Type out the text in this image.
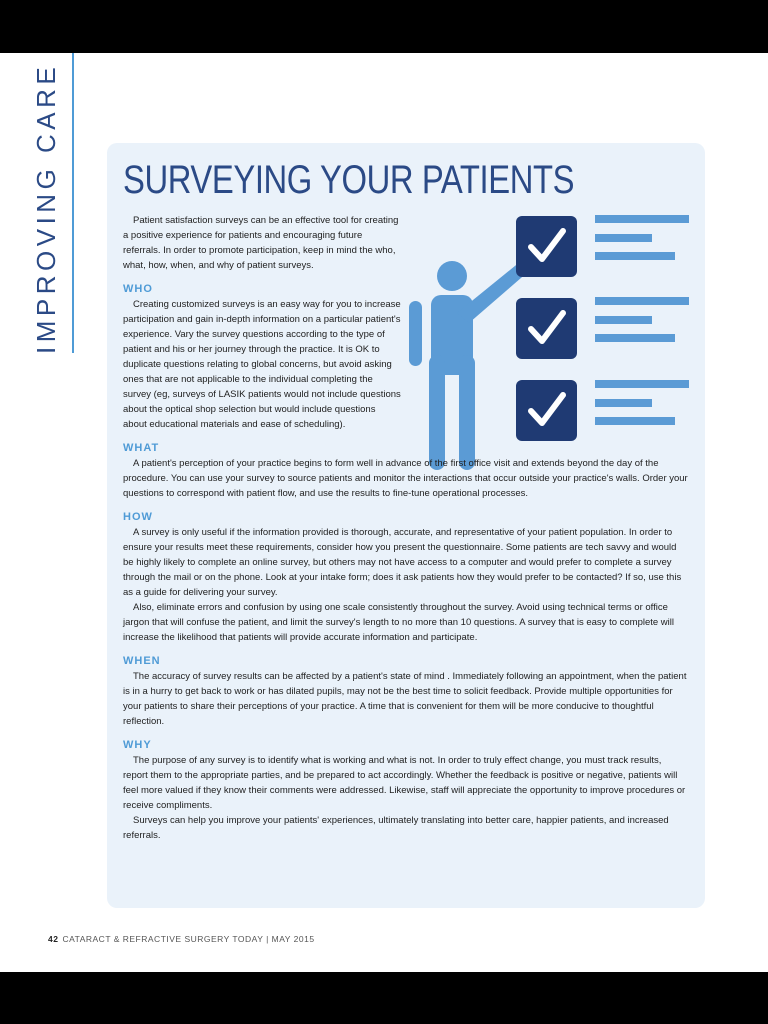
IMPROVING CARE SURVEYING YOUR PATIENTS

Patient satisfaction surveys can be an effective tool for creating a positive experience for patients and encouraging future referrals. In order to promote participation, keep in mind the who, what, how, when, and why of patient surveys.

WHO

Creating customized surveys is an easy way for you to increase participation and gain in-depth information on a particular patient's experience. Vary the survey questions according to the type of patient and his or her journey through the practice. It is OK to duplicate questions relating to global concerns, but avoid asking ones that are not applicable to the individual completing the survey (eg, surveys of LASIK patients would not include questions about the optical shop selection but would include questions about educational materials and ease of scheduling).

WHAT

A patient's perception of your practice begins to form well in advance of the first office visit and extends beyond the day of the procedure. You can use your survey to source patients and monitor the interactions that occur outside your practice's walls. Order your questions to correspond with patient flow, and use the results to fine-tune operational processes.

HOW

A survey is only useful if the information provided is thorough, accurate, and representative of your patient population. In order to ensure your results meet these requirements, consider how you present the questionnaire. Some patients are tech savvy and would be highly likely to complete an online survey, but others may not have access to a computer and would prefer to complete a survey through the mail or on the phone. Look at your intake form; does it ask patients how they would prefer to be contacted? If so, use this as a guide for delivering your survey.

Also, eliminate errors and confusion by using one scale consistently throughout the survey. Avoid using technical terms or office jargon that will confuse the patient, and limit the survey's length to no more than 10 questions. A survey that is easy to complete will increase the likelihood that patients will provide accurate information and participate.

WHEN

The accuracy of survey results can be affected by a patient's state of mind . Immediately following an appointment, when the patient is in a hurry to get back to work or has dilated pupils, may not be the best time to solicit feedback. Provide multiple opportunities for your patients to share their perceptions of your practice. A time that is convenient for them will be more conducive to thoughtful reflection.

WHY

The purpose of any survey is to identify what is working and what is not. In order to truly effect change, you must track results, report them to the appropriate parties, and be prepared to act accordingly. Whether the feedback is positive or negative, patients will feel more valued if they know their comments were addressed. Likewise, staff will appreciate the opportunity to improve procedures or receive compliments.

Surveys can help you improve your patients' experiences, ultimately translating into better care, happier patients, and increased referrals.

42 CATARACT & REFRACTIVE SURGERY TODAY | MAY 2015
